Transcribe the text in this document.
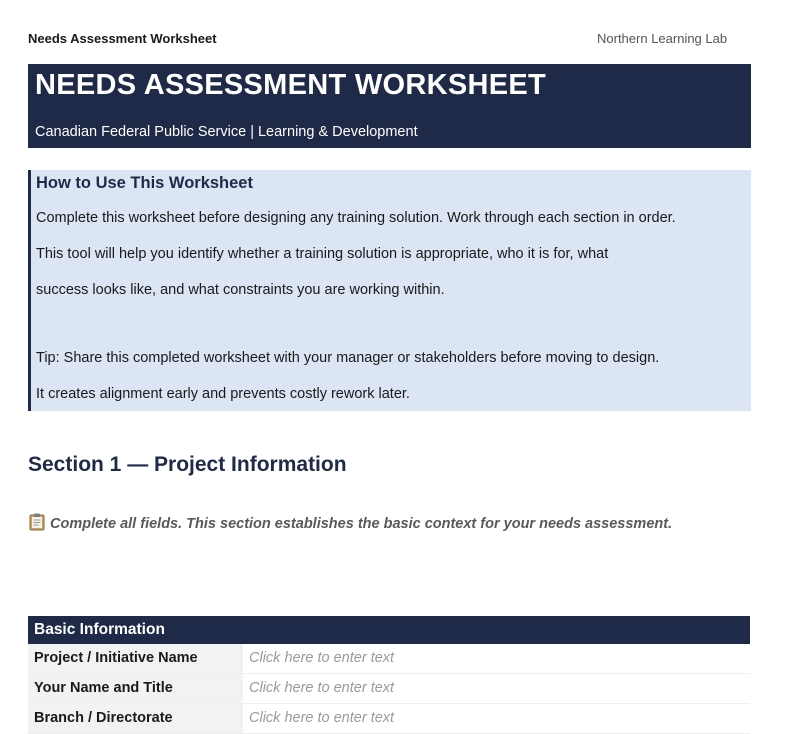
Needs Assessment Worksheet	Northern Learning Lab
NEEDS ASSESSMENT WORKSHEET
Canadian Federal Public Service | Learning & Development
How to Use This Worksheet
Complete this worksheet before designing any training solution. Work through each section in order.
This tool will help you identify whether a training solution is appropriate, who it is for, what
success looks like, and what constraints you are working within.
Tip: Share this completed worksheet with your manager or stakeholders before moving to design.
It creates alignment early and prevents costly rework later.
Section 1 — Project Information
Complete all fields. This section establishes the basic context for your needs assessment.
Basic Information
Project / Initiative Name	Click here to enter text
Your Name and Title	Click here to enter text
Branch / Directorate	Click here to enter text
